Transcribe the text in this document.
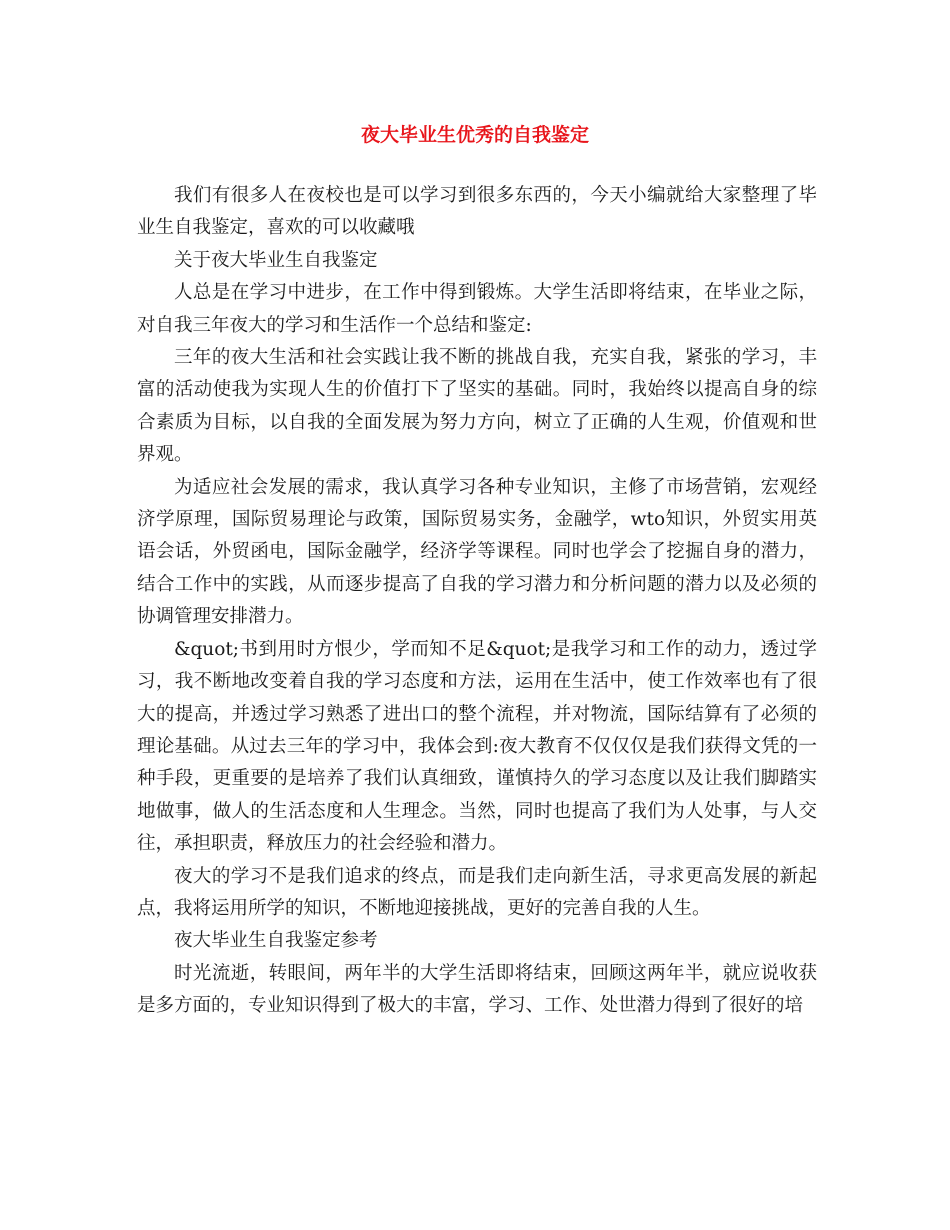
夜大毕业生优秀的自我鉴定

我们有很多人在夜校也是可以学习到很多东西的，今天小编就给大家整理了毕业生自我鉴定，喜欢的可以收藏哦

关于夜大毕业生自我鉴定

人总是在学习中进步，在工作中得到锻炼。大学生活即将结束，在毕业之际，对自我三年夜大的学习和生活作一个总结和鉴定:

三年的夜大生活和社会实践让我不断的挑战自我，充实自我，紧张的学习，丰富的活动使我为实现人生的价值打下了坚实的基础。同时，我始终以提高自身的综合素质为目标，以自我的全面发展为努力方向，树立了正确的人生观，价值观和世界观。

为适应社会发展的需求，我认真学习各种专业知识，主修了市场营销，宏观经济学原理，国际贸易理论与政策，国际贸易实务，金融学，wto知识，外贸实用英语会话，外贸函电，国际金融学，经济学等课程。同时也学会了挖掘自身的潜力，结合工作中的实践，从而逐步提高了自我的学习潜力和分析问题的潜力以及必须的协调管理安排潜力。

&quot;书到用时方恨少，学而知不足&quot;是我学习和工作的动力，透过学习，我不断地改变着自我的学习态度和方法，运用在生活中，使工作效率也有了很大的提高，并透过学习熟悉了进出口的整个流程，并对物流，国际结算有了必须的理论基础。从过去三年的学习中，我体会到:夜大教育不仅仅仅是我们获得文凭的一种手段，更重要的是培养了我们认真细致，谨慎持久的学习态度以及让我们脚踏实地做事，做人的生活态度和人生理念。当然，同时也提高了我们为人处事，与人交往，承担职责，释放压力的社会经验和潜力。

夜大的学习不是我们追求的终点，而是我们走向新生活，寻求更高发展的新起点，我将运用所学的知识，不断地迎接挑战，更好的完善自我的人生。

夜大毕业生自我鉴定参考

时光流逝，转眼间，两年半的大学生活即将结束，回顾这两年半，就应说收获是多方面的，专业知识得到了极大的丰富，学习、工作、处世潜力得到了很好的培
